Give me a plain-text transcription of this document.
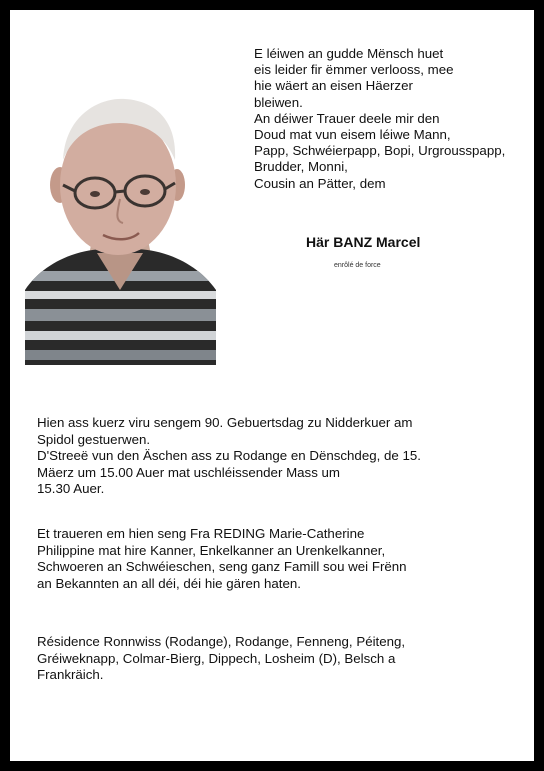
E léiwen an gudde Mënsch huet
eis leider fir ëmmer verlooss, mee
hie wäert an eisen Häerzer
bleiwen.
An déiwer Trauer deele mir den
Doud mat vun eisem léiwe Mann,
Papp, Schwéierpapp, Bopi, Urgrousspapp,
Brudder, Monni,
Cousin an Pätter, dem
Här BANZ Marcel
enrôlé de force
Hien ass kuerz viru sengem 90. Gebuertsdag zu Nidderkuer am
Spidol gestuerwen.
D'Streeë vun den Äschen ass zu Rodange en Dënschdeg, de 15.
Mäerz um 15.00 Auer mat uschléissender Mass um
15.30 Auer.
Et traueren em hien seng Fra REDING Marie-Catherine
Philippine mat hire Kanner, Enkelkanner an Urenkelkanner,
Schwoeren an Schwéieschen, seng ganz Famill sou wei Frënn
an Bekannten an all déi, déi hie gären haten.
Résidence Ronnwiss (Rodange), Rodange, Fenneng, Péiteng,
Gréiweknapp, Colmar-Bierg, Dippech, Losheim (D), Belsch a
Frankräich.
